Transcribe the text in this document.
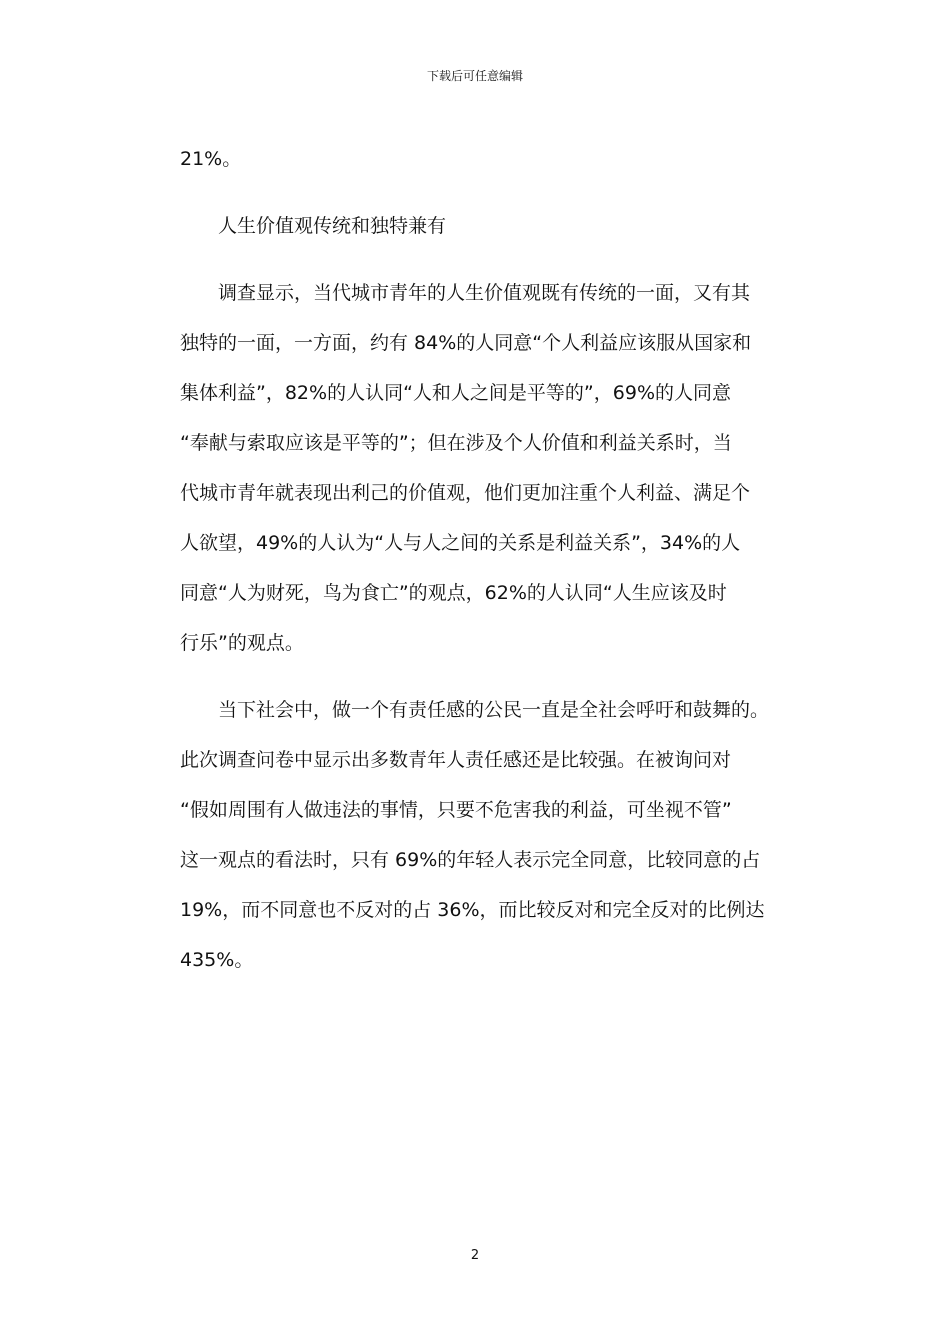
下载后可任意编辑
21%。
人生价值观传统和独特兼有
调查显示，当代城市青年的人生价值观既有传统的一面，又有其
独特的一面，一方面，约有 84%的人同意“个人利益应该服从国家和
集体利益”，82%的人认同“人和人之间是平等的”，69%的人同意
“奉献与索取应该是平等的”；但在涉及个人价值和利益关系时，当
代城市青年就表现出利己的价值观，他们更加注重个人利益、满足个
人欲望，49%的人认为“人与人之间的关系是利益关系”，34%的人
同意“人为财死，鸟为食亡”的观点，62%的人认同“人生应该及时
行乐”的观点。
当下社会中，做一个有责任感的公民一直是全社会呼吁和鼓舞的。
此次调查问卷中显示出多数青年人责任感还是比较强。在被询问对
“假如周围有人做违法的事情，只要不危害我的利益，可坐视不管”
这一观点的看法时，只有 69%的年轻人表示完全同意，比较同意的占
19%，而不同意也不反对的占 36%，而比较反对和完全反对的比例达
435%。
2
